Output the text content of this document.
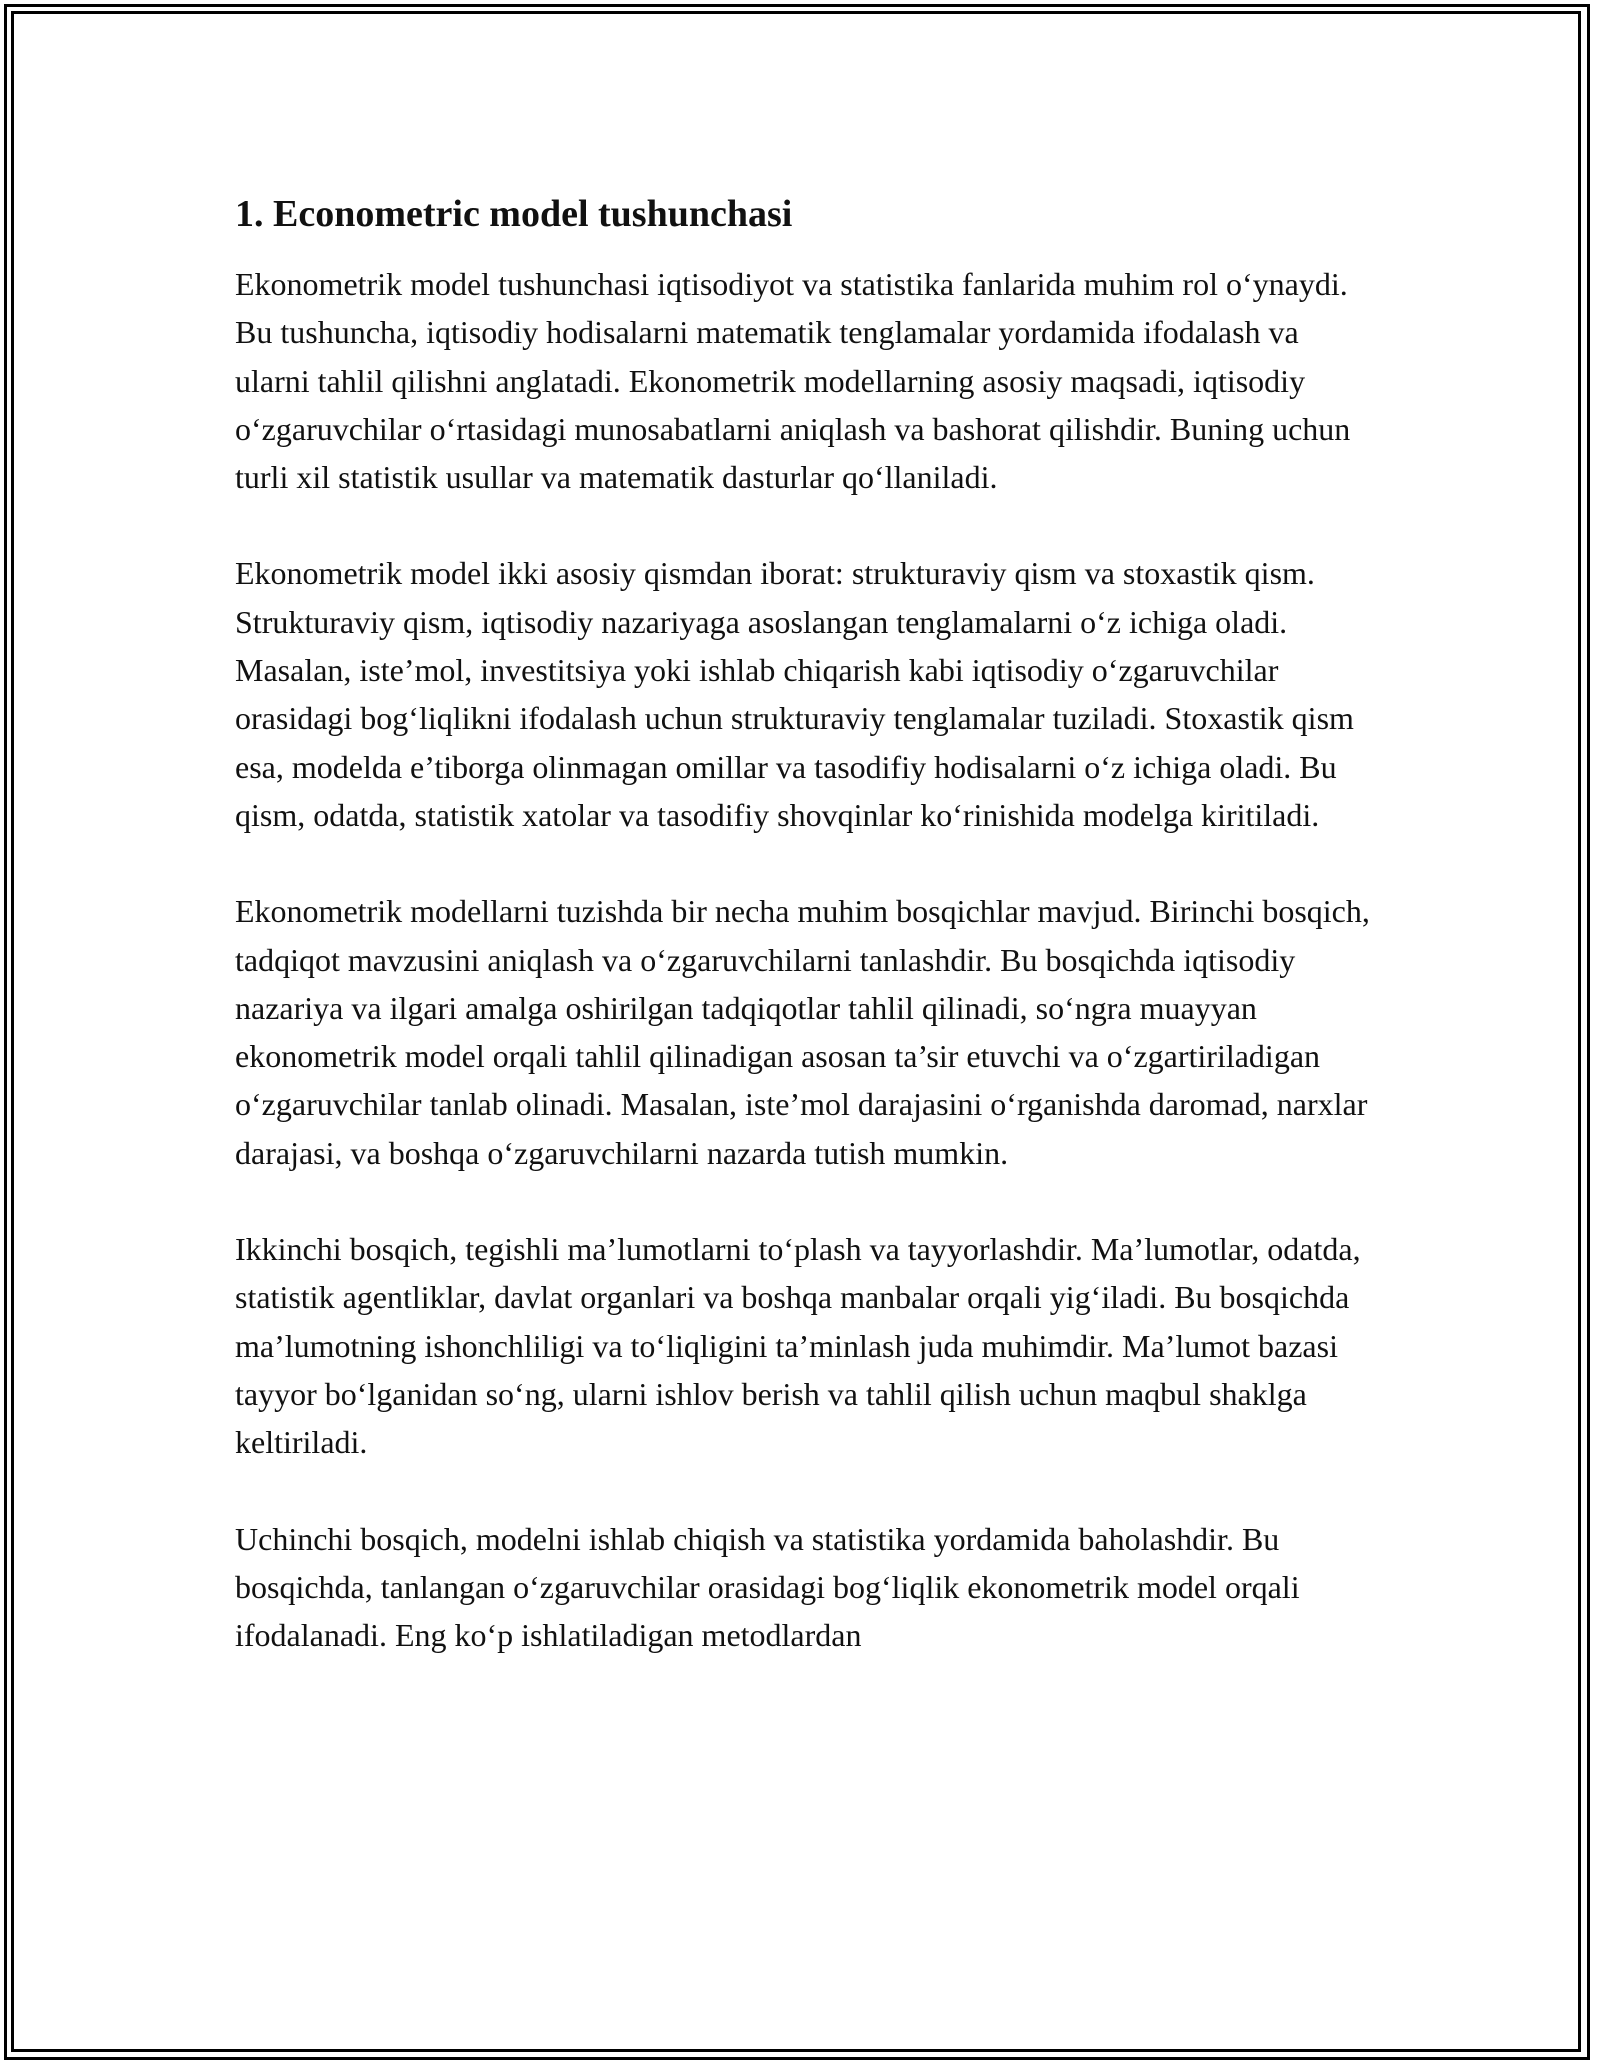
1. Econometric model tushunchasi

Ekonometrik model tushunchasi iqtisodiyot va statistika fanlarida muhim rol o‘ynaydi. Bu tushuncha, iqtisodiy hodisalarni matematik tenglamalar yordamida ifodalash va ularni tahlil qilishni anglatadi. Ekonometrik modellarning asosiy maqsadi, iqtisodiy o‘zgaruvchilar o‘rtasidagi munosabatlarni aniqlash va bashorat qilishdir. Buning uchun turli xil statistik usullar va matematik dasturlar qo‘llaniladi.

Ekonometrik model ikki asosiy qismdan iborat: strukturaviy qism va stoxastik qism. Strukturaviy qism, iqtisodiy nazariyaga asoslangan tenglamalarni o‘z ichiga oladi. Masalan, iste’mol, investitsiya yoki ishlab chiqarish kabi iqtisodiy o‘zgaruvchilar orasidagi bog‘liqlikni ifodalash uchun strukturaviy tenglamalar tuziladi. Stoxastik qism esa, modelda e’tiborga olinmagan omillar va tasodifiy hodisalarni o‘z ichiga oladi. Bu qism, odatda, statistik xatolar va tasodifiy shovqinlar ko‘rinishida modelga kiritiladi.

Ekonometrik modellarni tuzishda bir necha muhim bosqichlar mavjud. Birinchi bosqich, tadqiqot mavzusini aniqlash va o‘zgaruvchilarni tanlashdir. Bu bosqichda iqtisodiy nazariya va ilgari amalga oshirilgan tadqiqotlar tahlil qilinadi, so‘ngra muayyan ekonometrik model orqali tahlil qilinadigan asosan ta’sir etuvchi va o‘zgartiriladigan o‘zgaruvchilar tanlab olinadi. Masalan, iste’mol darajasini o‘rganishda daromad, narxlar darajasi, va boshqa o‘zgaruvchilarni nazarda tutish mumkin.

Ikkinchi bosqich, tegishli ma’lumotlarni to‘plash va tayyorlashdir. Ma’lumotlar, odatda, statistik agentliklar, davlat organlari va boshqa manbalar orqali yig‘iladi. Bu bosqichda ma’lumotning ishonchliligi va to‘liqligini ta’minlash juda muhimdir. Ma’lumot bazasi tayyor bo‘lganidan so‘ng, ularni ishlov berish va tahlil qilish uchun maqbul shaklga keltiriladi.

Uchinchi bosqich, modelni ishlab chiqish va statistika yordamida baholashdir. Bu bosqichda, tanlangan o‘zgaruvchilar orasidagi bog‘liqlik ekonometrik model orqali ifodalanadi. Eng ko‘p ishlatiladigan metodlardan
